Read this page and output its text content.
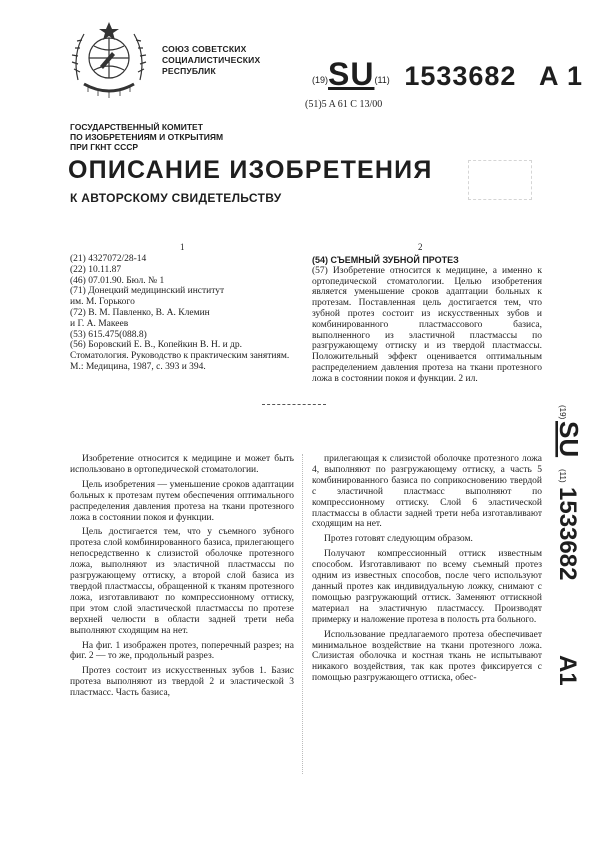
СОЮЗ СОВЕТСКИХ
СОЦИАЛИСТИЧЕСКИХ
РЕСПУБЛИК
(19)SU(11) 1533682 A 1
(51)5 A 61 C 13/00
ГОСУДАРСТВЕННЫЙ КОМИТЕТ
ПО ИЗОБРЕТЕНИЯМ И ОТКРЫТИЯМ
ПРИ ГКНТ СССР
ОПИСАНИЕ ИЗОБРЕТЕНИЯ
К АВТОРСКОМУ СВИДЕТЕЛЬСТВУ
1	2

(21) 4327072/28-14

(22) 10.11.87

(46) 07.01.90. Бюл. № 1

(71) Донецкий медицинский институт

им. М. Горького

(72) В. М. Павленко, В. А. Клемин

и Г. А. Макеев

(53) 615.475(088.8)

(56) Боровский Е. В., Копейкин В. Н. и др. Стоматология. Руководство к практическим занятиям. М.: Медицина, 1987, с. 393 и 394.

(54) СЪЕМНЫЙ ЗУБНОЙ ПРОТЕЗ

(57) Изобретение относится к медицине, а именно к ортопедической стоматологии. Целью изобретения является уменьшение сроков адаптации больных к протезам. Поставленная цель достигается тем, что зубной протез состоит из искусственных зубов и комбинированного пластмассового базиса, выполненного из эластичной пластмассы по разгружающему оттиску и из твердой пластмассы. Положительный эффект оценивается оптимальным распределением давления протеза на ткани протезного ложа в состоянии покоя и функции. 2 ил.

(19)
SU
(11)
1533682
A1

Изобретение относится к медицине и может быть использовано в ортопедической стоматологии.

Цель изобретения — уменьшение сроков адаптации больных к протезам путем обеспечения оптимального распределения давления протеза на ткани протезного ложа в состоянии покоя и функции.

Цель достигается тем, что у съемного зубного протеза слой комбинированного базиса, прилегающего непосредственно к слизистой оболочке протезного ложа, выполняют из эластичной пластмассы по разгружающему оттиску, а второй слой базиса из твердой пластмассы, обращенной к тканям протезного ложа, изготавливают по компрессионному оттиску, при этом слой эластической пластмассы по протезе верхней челюсти в области задней трети неба выполняют сходящим на нет.

На фиг. 1 изображен протез, поперечный разрез; на фиг. 2 — то же, продольный разрез.

Протез состоит из искусственных зубов 1. Базис протеза выполняют из твердой 2 и эластической 3 пластмасс. Часть базиса,

прилегающая к слизистой оболочке протезного ложа 4, выполняют по разгружающему оттиску, а часть 5 комбинированного базиса по соприкосновению твердой с эластичной пластмасс выполняют по компрессионному оттиску. Слой 6 эластической пластмассы в области задней трети неба изготавливают сходящим на нет.

Протез готовят следующим образом.

Получают компрессионный оттиск известным способом. Изготавливают по всему съемный протез одним из известных способов, после чего используют данный протез как индивидуальную ложку, снимают с помощью разгружающий оттиск. Заменяют оттискной материал на эластичную пластмассу. Производят примерку и наложение протеза в полость рта больного.

Использование предлагаемого протеза обеспечивает минимальное воздействие на ткани протезного ложа. Слизистая оболочка и костная ткань не испытывают никакого воздействия, так как протез фиксируется с помощью разгружающего оттиска, обес-
